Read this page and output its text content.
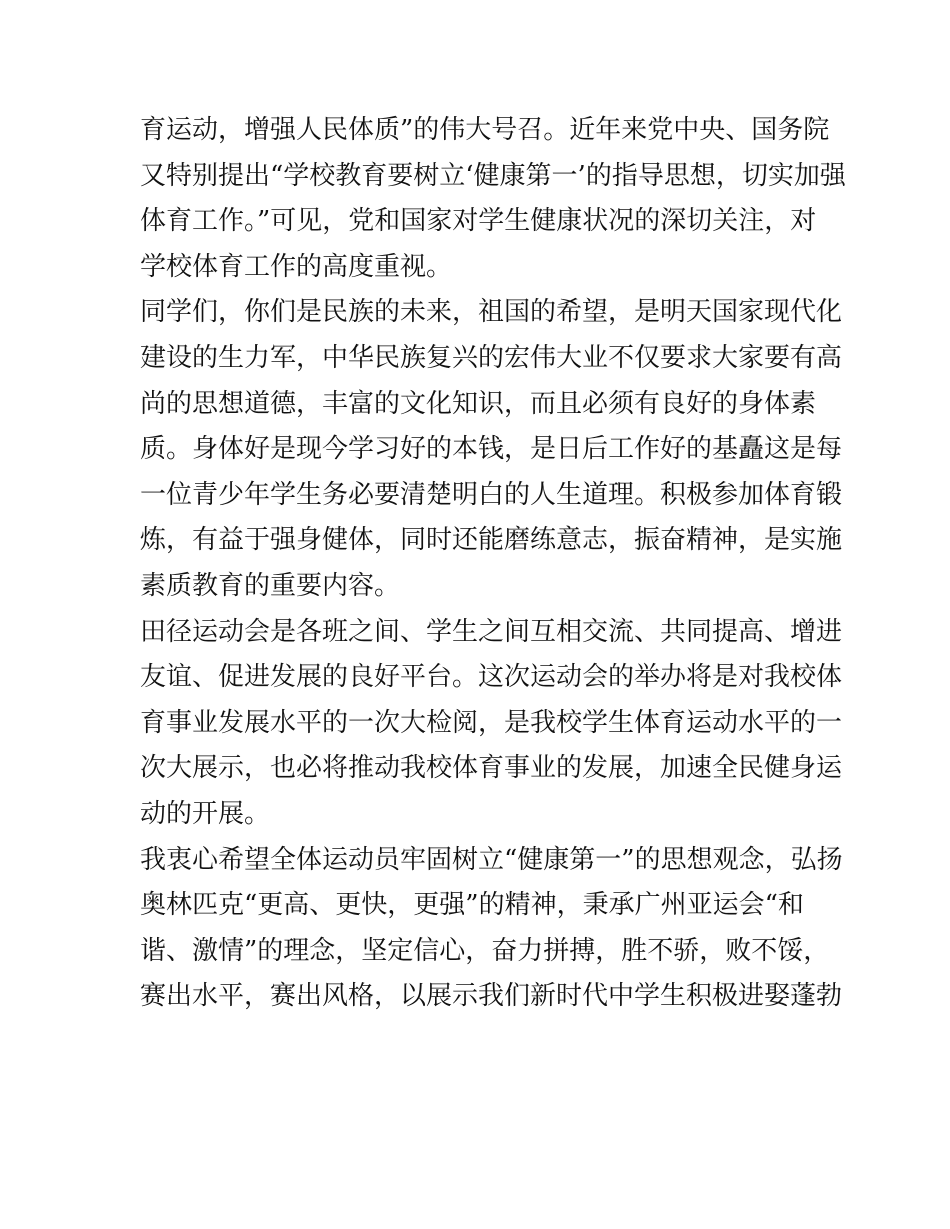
育运动，增强人民体质”的伟大号召。近年来党中央、国务院
又特别提出“学校教育要树立‘健康第一’的指导思想，切实加强
体育工作。”可见，党和国家对学生健康状况的深切关注，对
学校体育工作的高度重视。
同学们，你们是民族的未来，祖国的希望，是明天国家现代化
建设的生力军，中华民族复兴的宏伟大业不仅要求大家要有高
尚的思想道德，丰富的文化知识，而且必须有良好的身体素
质。身体好是现今学习好的本钱，是日后工作好的基矗这是每
一位青少年学生务必要清楚明白的人生道理。积极参加体育锻
炼，有益于强身健体，同时还能磨练意志，振奋精神，是实施
素质教育的重要内容。
田径运动会是各班之间、学生之间互相交流、共同提高、增进
友谊、促进发展的良好平台。这次运动会的举办将是对我校体
育事业发展水平的一次大检阅，是我校学生体育运动水平的一
次大展示，也必将推动我校体育事业的发展，加速全民健身运
动的开展。
我衷心希望全体运动员牢固树立“健康第一”的思想观念，弘扬
奥林匹克“更高、更快，更强”的精神，秉承广州亚运会“和
谐、激情”的理念，坚定信心，奋力拼搏，胜不骄，败不馁，
赛出水平，赛出风格，以展示我们新时代中学生积极进娶蓬勃
